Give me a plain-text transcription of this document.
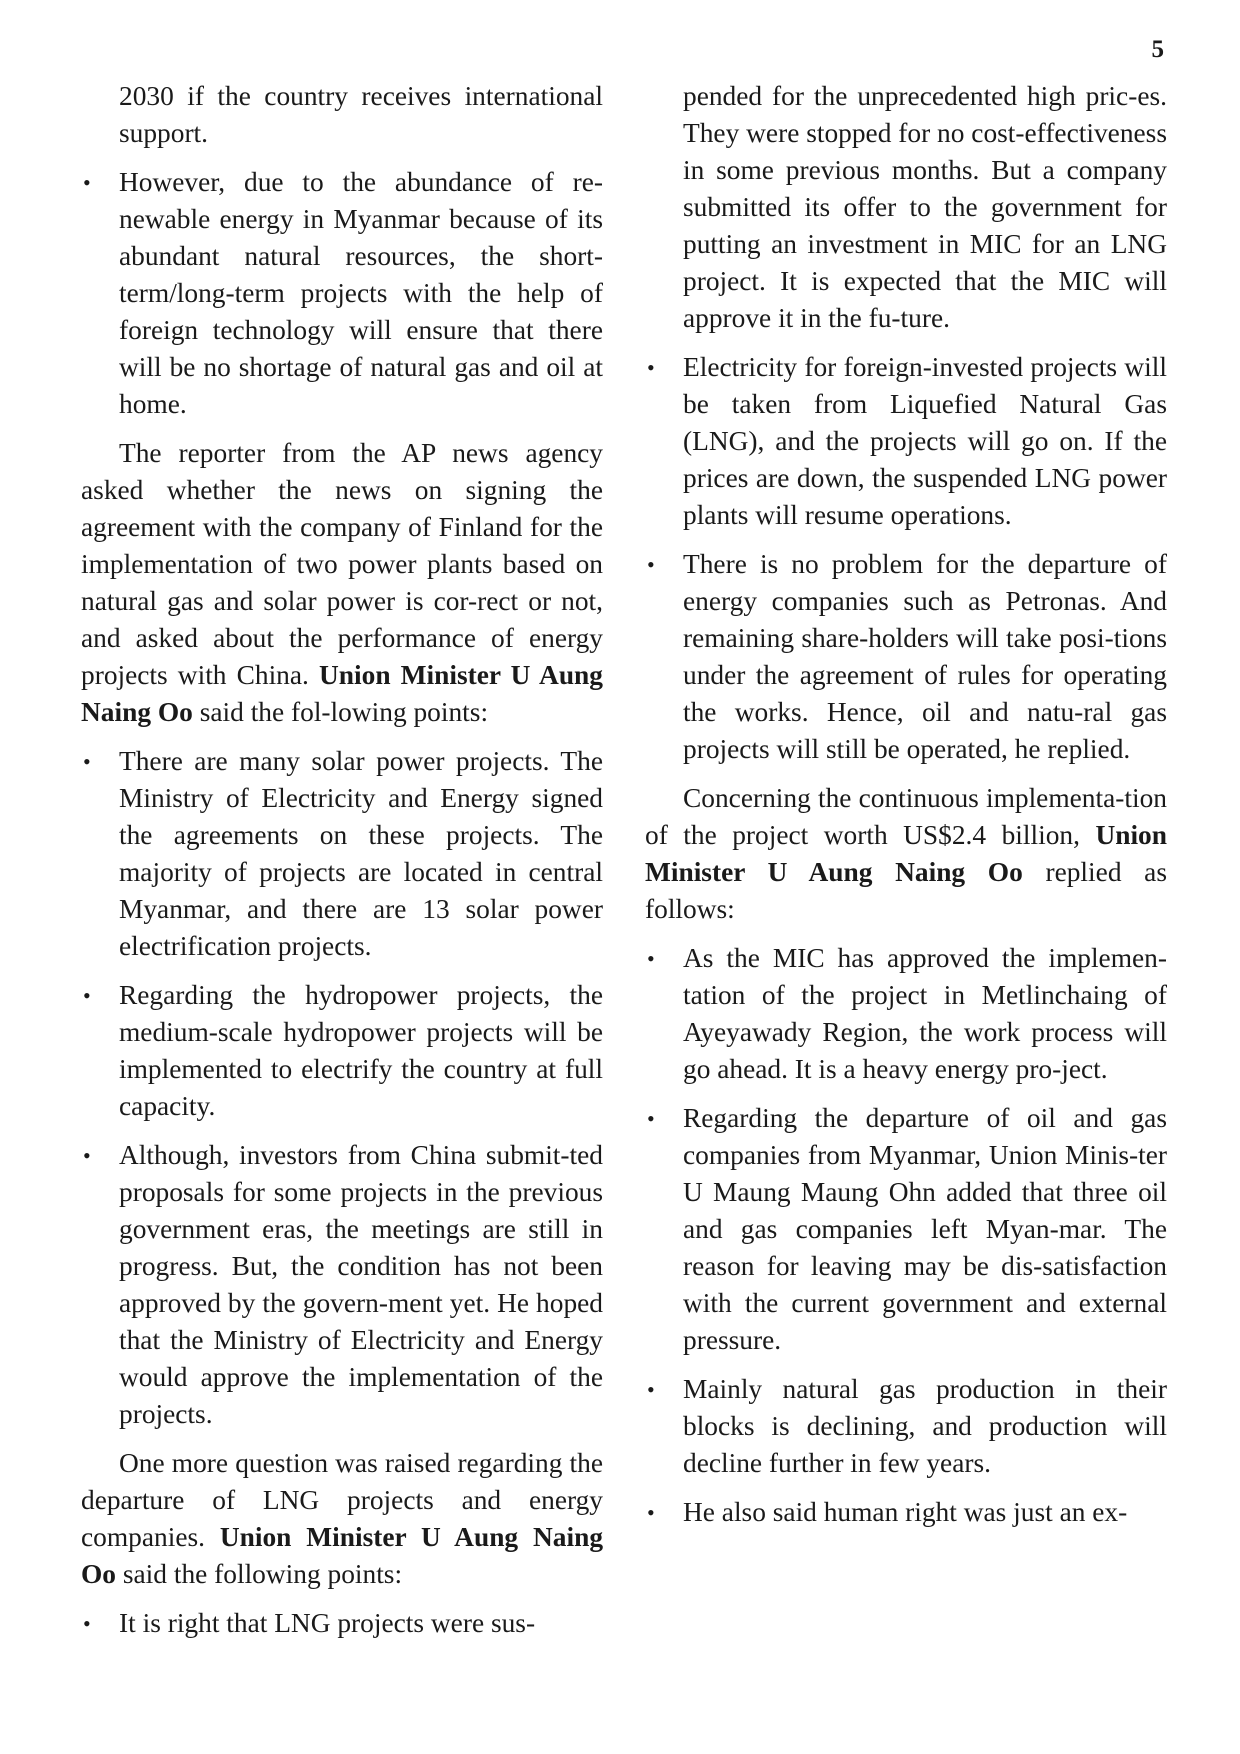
5

2030 if the country receives international support.

• However, due to the abundance of re-newable energy in Myanmar because of its abundant natural resources, the short-term/long-term projects with the help of foreign technology will ensure that there will be no shortage of natural gas and oil at home.

The reporter from the AP news agency asked whether the news on signing the agreement with the company of Finland for the implementation of two power plants based on natural gas and solar power is cor-rect or not, and asked about the performance of energy projects with China. Union Minister U Aung Naing Oo said the fol-lowing points:

• There are many solar power projects. The Ministry of Electricity and Energy signed the agreements on these projects. The majority of projects are located in central Myanmar, and there are 13 solar power electrification projects.
• Regarding the hydropower projects, the medium-scale hydropower projects will be implemented to electrify the country at full capacity.
• Although, investors from China submit-ted proposals for some projects in the previous government eras, the meetings are still in progress. But, the condition has not been approved by the govern-ment yet. He hoped that the Ministry of Electricity and Energy would approve the implementation of the projects.

One more question was raised regarding the departure of LNG projects and energy companies. Union Minister U Aung Naing Oo said the following points:

• It is right that LNG projects were sus-

pended for the unprecedented high pric-es. They were stopped for no cost-effectiveness in some previous months. But a company submitted its offer to the government for putting an investment in MIC for an LNG project. It is expected that the MIC will approve it in the fu-ture.

• Electricity for foreign-invested projects will be taken from Liquefied Natural Gas (LNG), and the projects will go on. If the prices are down, the suspended LNG power plants will resume operations.
• There is no problem for the departure of energy companies such as Petronas. And remaining share-holders will take posi-tions under the agreement of rules for operating the works. Hence, oil and natu-ral gas projects will still be operated, he replied.

Concerning the continuous implementa-tion of the project worth US$2.4 billion, Union Minister U Aung Naing Oo replied as follows:

• As the MIC has approved the implemen-tation of the project in Metlinchaing of Ayeyawady Region, the work process will go ahead. It is a heavy energy pro-ject.
• Regarding the departure of oil and gas companies from Myanmar, Union Minis-ter U Maung Maung Ohn added that three oil and gas companies left Myan-mar. The reason for leaving may be dis-satisfaction with the current government and external pressure.
• Mainly natural gas production in their blocks is declining, and production will decline further in few years.
• He also said human right was just an ex-
